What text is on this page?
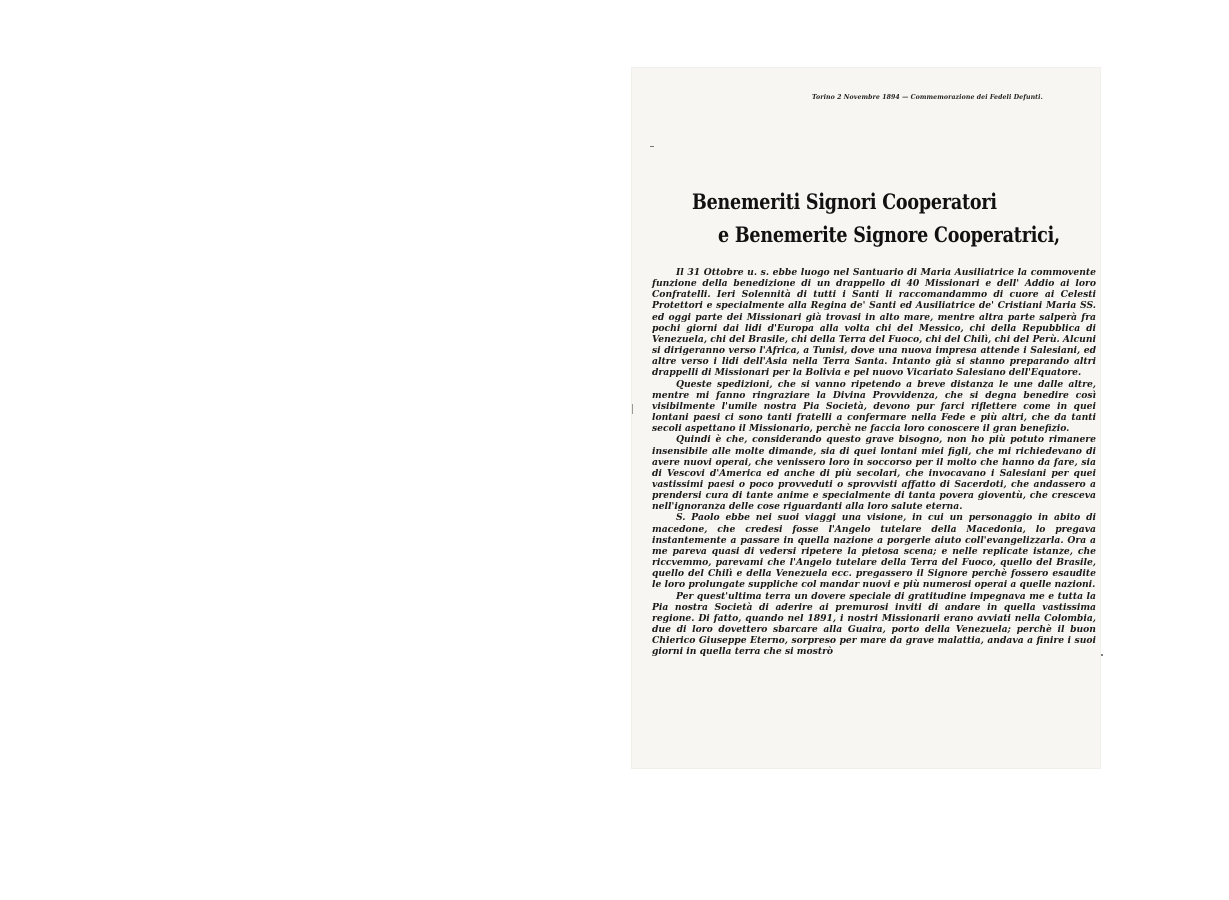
Torino 2 Novembre 1894 — Commemorazione dei Fedeli Defunti.
Benemeriti Signori Cooperatori
e Benemerite Signore Cooperatrici,

Il 31 Ottobre u. s. ebbe luogo nel Santuario di Maria Ausiliatrice la commovente funzione della benedizione di un drappello di 40 Missionari e dell' Addio ai loro Confratelli. Ieri Solennità di tutti i Santi li raccomandammo di cuore ai Celesti Protettori e specialmente alla Regina de' Santi ed Ausiliatrice de' Cristiani Maria SS. ed oggi parte dei Missionari già trovasi in alto mare, mentre altra parte salperà fra pochi giorni dai lidi d'Europa alla volta chi del Messico, chi della Repubblica di Venezuela, chi del Brasile, chi della Terra del Fuoco, chi del Chilì, chi del Perù. Alcuni si dirigeranno verso l'Africa, a Tunisi, dove una nuova impresa attende i Salesiani, ed altre verso i lidi dell'Asia nella Terra Santa. Intanto già si stanno preparando altri drappelli di Missionari per la Bolivia e pel nuovo Vicariato Salesiano dell'Equatore.

Queste spedizioni, che si vanno ripetendo a breve distanza le une dalle altre, mentre mi fanno ringraziare la Divina Provvidenza, che si degna benedire così visibilmente l'umile nostra Pia Società, devono pur farci riflettere come in quei lontani paesi ci sono tanti fratelli a confermare nella Fede e più altri, che da tanti secoli aspettano il Missionario, perchè ne faccia loro conoscere il gran benefizio.

Quindi è che, considerando questo grave bisogno, non ho più potuto rimanere insensibile alle molte dimande, sia di quei lontani miei figli, che mi richiedevano di avere nuovi operai, che venissero loro in soccorso per il molto che hanno da fare, sia di Vescovi d'America ed anche di più secolari, che invocavano i Salesiani per quei vastissimi paesi o poco provveduti o sprovvisti affatto di Sacerdoti, che andassero a prendersi cura di tante anime e specialmente di tanta povera gioventù, che cresceva nell'ignoranza delle cose riguardanti alla loro salute eterna.

S. Paolo ebbe nei suoi viaggi una visione, in cui un personaggio in abito di macedone, che credesi fosse l'Angelo tutelare della Macedonia, lo pregava instantemente a passare in quella nazione a porgerle aiuto coll'evangelizzarla. Ora a me pareva quasi di vedersi ripetere la pietosa scena; e nelle replicate istanze, che riccvemmo, parevami che l'Angelo tutelare della Terra del Fuoco, quello del Brasile, quello del Chilì e della Venezuela ecc. pregassero il Signore perchè fossero esaudite le loro prolungate suppliche col mandar nuovi e più numerosi operai a quelle nazioni.

Per quest'ultima terra un dovere speciale di gratitudine impegnava me e tutta la Pia nostra Società di aderire ai premurosi inviti di andare in quella vastissima regione. Di fatto, quando nel 1891, i nostri Missionarii erano avviati nella Colombia, due di loro dovettero sbarcare alla Guaira, porto della Venezuela; perchè il buon Chierico Giuseppe Eterno, sorpreso per mare da grave malattia, andava a finire i suoi giorni in quella terra che si mostrò
